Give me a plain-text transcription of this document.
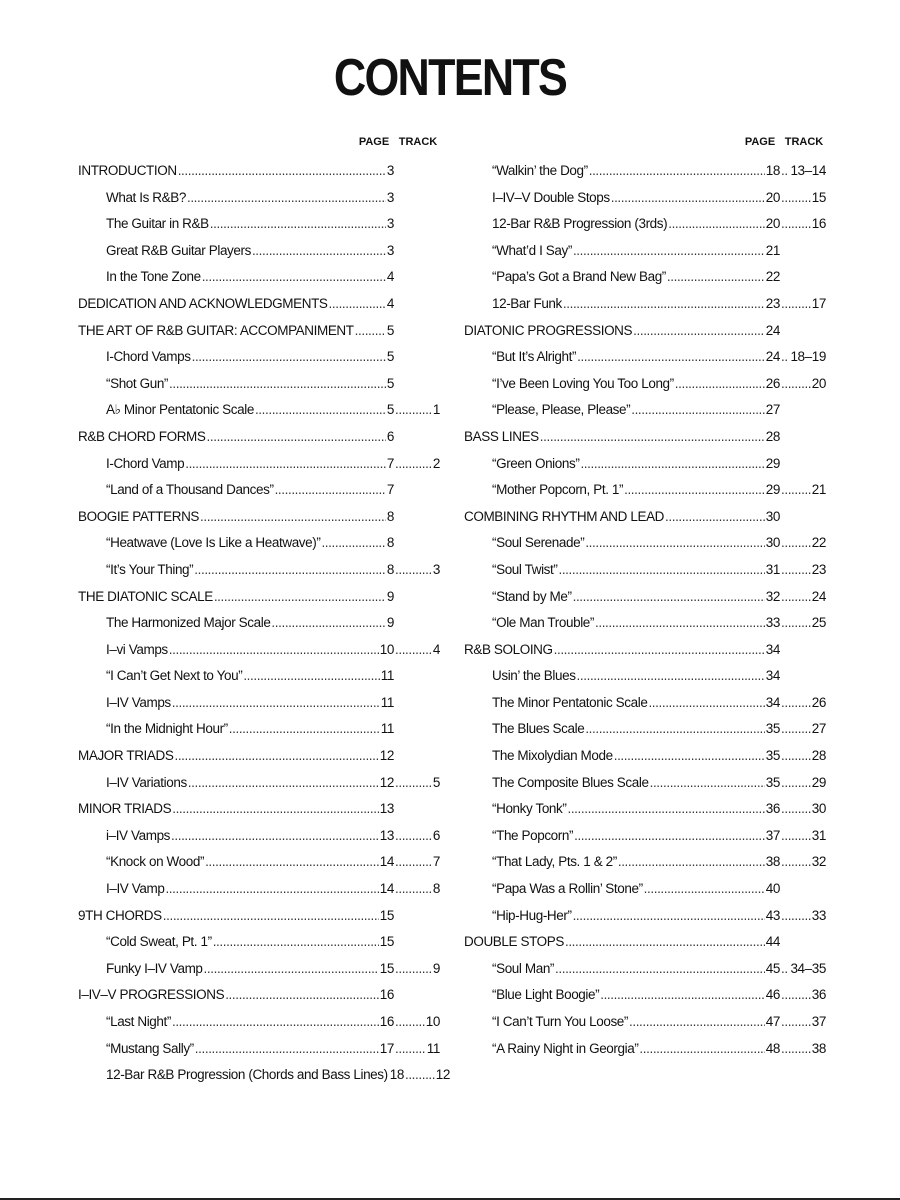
CONTENTS
PAGE TRACK
INTRODUCTION .....	3
What Is R&B? .....	3
The Guitar in R&B .....	3
Great R&B Guitar Players .....	3
In the Tone Zone .....	4
DEDICATION AND ACKNOWLEDGMENTS .....	4
THE ART OF R&B GUITAR: ACCOMPANIMENT ..... 5
I-Chord Vamps .....	5
“Shot Gun” .....	5
A♭ Minor Pentatonic Scale .....	5 .....	1
R&B CHORD FORMS .....	6
I-Chord Vamp .....	7 .....	2
“Land of a Thousand Dances” .....	7
BOOGIE PATTERNS .....	8
“Heatwave (Love Is Like a Heatwave)” .....	8
“It’s Your Thing” .....	8 .....	3
THE DIATONIC SCALE .....	9
The Harmonized Major Scale .....	9
I–vi Vamps .....	10 .....	4
“I Can’t Get Next to You” .....	11
I–IV Vamps .....	11
“In the Midnight Hour” .....	11
MAJOR TRIADS .....	12
I–IV Variations .....	12 .....	5
MINOR TRIADS .....	13
i–IV Vamps .....	13 .....	6
“Knock on Wood” .....	14 .....	7
I–IV Vamp .....	14 .....	8
9TH CHORDS .....	15
“Cold Sweat, Pt. 1” .....	15
Funky I–IV Vamp .....	15 .....	9
I–IV–V PROGRESSIONS .....	16
“Last Night” .....	16 ..... 10
“Mustang Sally” .....	17 ..... 11
12-Bar R&B Progression (Chords and Bass Lines) 18 ..... 12
PAGE TRACK
“Walkin’ the Dog” .....	18 ..... 13–14
I–IV–V Double Stops .....	20 ..... 15
12-Bar R&B Progression (3rds) .....	20 ..... 16
“What’d I Say” .....	21
“Papa’s Got a Brand New Bag” .....	22
12-Bar Funk .....	23 ..... 17
DIATONIC PROGRESSIONS .....	24
“But It’s Alright” .....	24 ..... 18–19
“I’ve Been Loving You Too Long” .....	26 ..... 20
“Please, Please, Please” .....	27
BASS LINES .....	28
“Green Onions” .....	29
“Mother Popcorn, Pt. 1” .....	29 ..... 21
COMBINING RHYTHM AND LEAD .....	30
“Soul Serenade” .....	30 ..... 22
“Soul Twist” .....	31 ..... 23
“Stand by Me” .....	32 ..... 24
“Ole Man Trouble” .....	33 ..... 25
R&B SOLOING .....	34
Usin’ the Blues .....	34
The Minor Pentatonic Scale .....	34 ..... 26
The Blues Scale .....	35 ..... 27
The Mixolydian Mode .....	35 ..... 28
The Composite Blues Scale .....	35 ..... 29
“Honky Tonk” .....	36 ..... 30
“The Popcorn” .....	37 ..... 31
“That Lady, Pts. 1 & 2” .....	38 ..... 32
“Papa Was a Rollin’ Stone” .....	40
“Hip-Hug-Her” .....	43 ..... 33
DOUBLE STOPS .....	44
“Soul Man” .....	45 ..... 34–35
“Blue Light Boogie” .....	46 ..... 36
“I Can’t Turn You Loose” .....	47 ..... 37
“A Rainy Night in Georgia” .....	48 ..... 38
